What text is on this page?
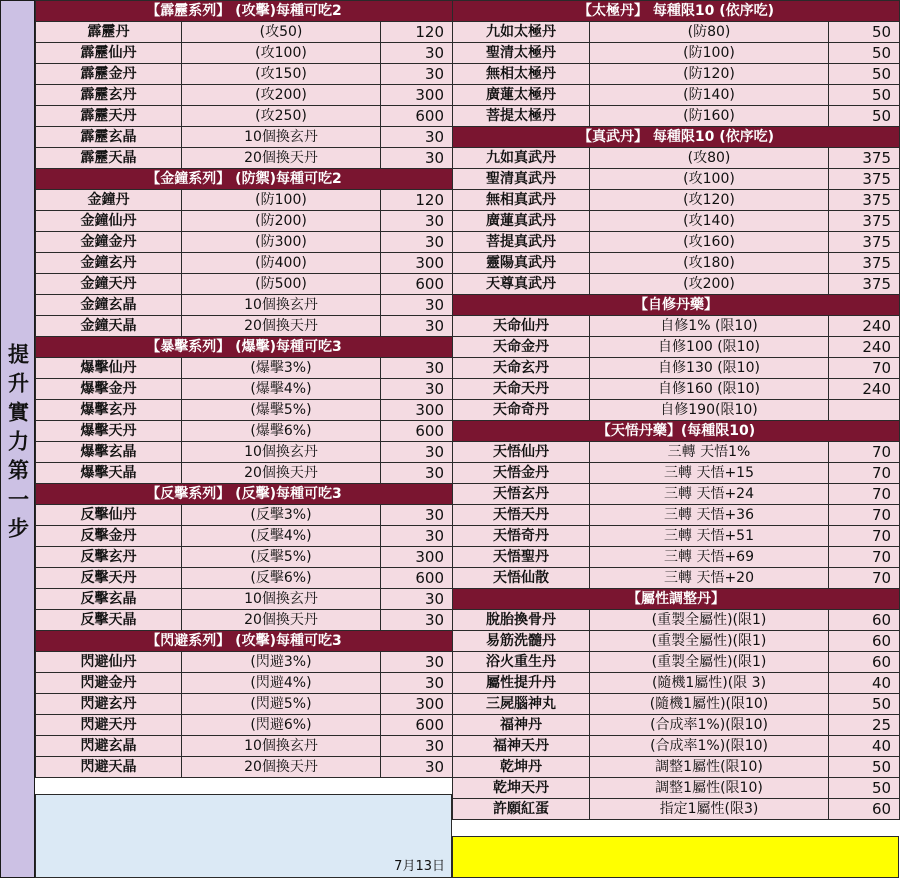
提升實力第一步
【霹靂系列】 (攻擊)每種可吃2		
霹靂丹	(攻50)	120
霹靂仙丹	(攻100)	30
霹靂金丹	(攻150)	30
霹靂玄丹	(攻200)	300
霹靂天丹	(攻250)	600
霹靂玄晶	10個換玄丹	30
霹靂天晶	20個換天丹	30
【金鐘系列】 (防禦)每種可吃2		
金鐘丹	(防100)	120
金鐘仙丹	(防200)	30
金鐘金丹	(防300)	30
金鐘玄丹	(防400)	300
金鐘天丹	(防500)	600
金鐘玄晶	10個換玄丹	30
金鐘天晶	20個換天丹	30
【暴擊系列】 (爆擊)每種可吃3		
爆擊仙丹	(爆擊3%)	30
爆擊金丹	(爆擊4%)	30
爆擊玄丹	(爆擊5%)	300
爆擊天丹	(爆擊6%)	600
爆擊玄晶	10個換玄丹	30
爆擊天晶	20個換天丹	30
【反擊系列】 (反擊)每種可吃3		
反擊仙丹	(反擊3%)	30
反擊金丹	(反擊4%)	30
反擊玄丹	(反擊5%)	300
反擊天丹	(反擊6%)	600
反擊玄晶	10個換玄丹	30
反擊天晶	20個換天丹	30
【閃避系列】 (攻擊)每種可吃3		
閃避仙丹	(閃避3%)	30
閃避金丹	(閃避4%)	30
閃避玄丹	(閃避5%)	300
閃避天丹	(閃避6%)	600
閃避玄晶	10個換玄丹	30
閃避天晶	20個換天丹	30
【太極丹】 每種限10 (依序吃)		
九如太極丹	(防80)	50
聖清太極丹	(防100)	50
無相太極丹	(防120)	50
廣蓮太極丹	(防140)	50
菩提太極丹	(防160)	50
【真武丹】 每種限10 (依序吃)		
九如真武丹	(攻80)	375
聖清真武丹	(攻100)	375
無相真武丹	(攻120)	375
廣蓮真武丹	(攻140)	375
菩提真武丹	(攻160)	375
靈陽真武丹	(攻180)	375
天尊真武丹	(攻200)	375
【自修丹藥】		
天命仙丹	自修1% (限10)	240
天命金丹	自修100 (限10)	240
天命玄丹	自修130 (限10)	70
天命天丹	自修160 (限10)	240
天命奇丹	自修190(限10)	
【天悟丹藥】(每種限10)		
天悟仙丹	三轉 天悟1%	70
天悟金丹	三轉 天悟+15	70
天悟玄丹	三轉 天悟+24	70
天悟天丹	三轉 天悟+36	70
天悟奇丹	三轉 天悟+51	70
天悟聖丹	三轉 天悟+69	70
天悟仙散	三轉 天悟+20	70
【屬性調整丹】		
脫胎換骨丹	(重製全屬性)(限1)	60
易筋洗髓丹	(重製全屬性)(限1)	60
浴火重生丹	(重製全屬性)(限1)	60
屬性提升丹	(隨機1屬性)(限 3)	40
三屍腦神丸	(隨機1屬性)(限10)	50
福神丹	(合成率1%)(限10)	25
福神天丹	(合成率1%)(限10)	40
乾坤丹	調整1屬性(限10)	50
乾坤天丹	調整1屬性(限10)	50
許願紅蛋	指定1屬性(限3)	60
7月13日
